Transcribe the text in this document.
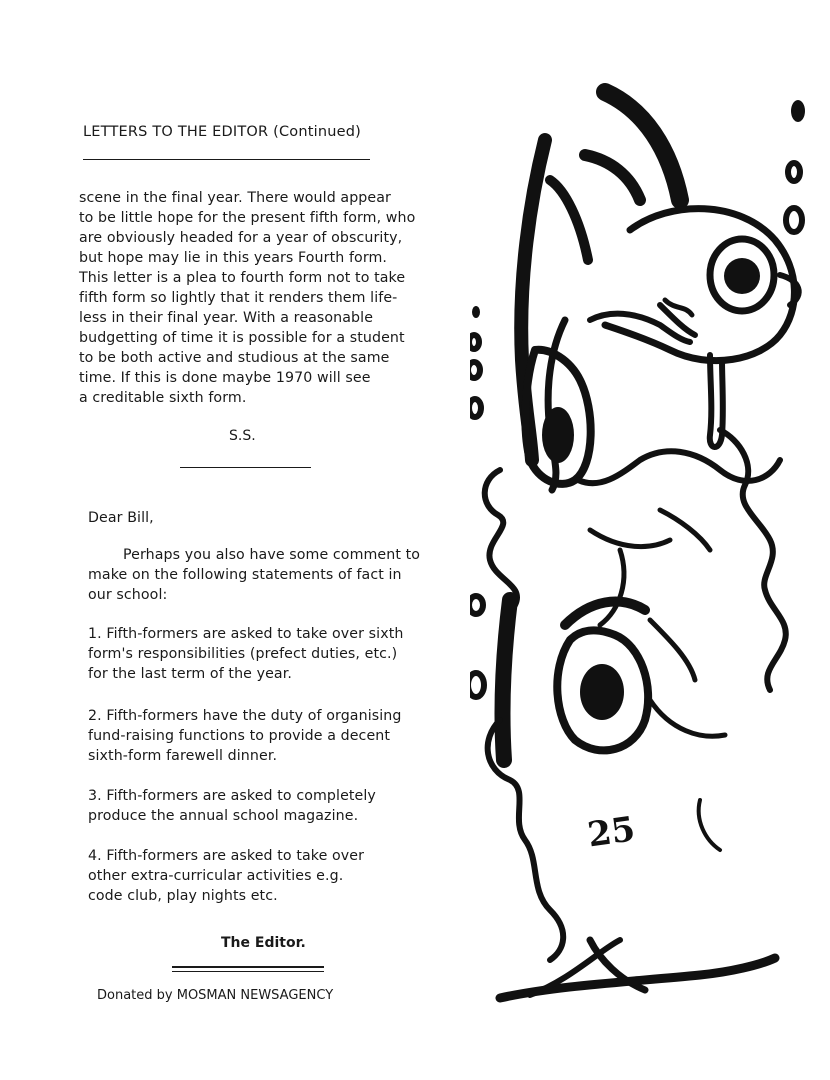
LETTERS TO THE EDITOR (Continued)
scene in the final year. There would appear
to be little hope for the present fifth form, who
are obviously headed for a year of obscurity,
but hope may lie in this years Fourth form.
This letter is a plea to fourth form not to take
fifth form so lightly that it renders them life-
less in their final year. With a reasonable
budgetting of time it is possible for a student
to be both active and studious at the same
time. If this is done maybe 1970 will see
a creditable sixth form.
S.S.
Dear Bill,
Perhaps you also have some comment to
make on the following statements of fact in
our school:
1. Fifth-formers are asked to take over sixth
form's responsibilities (prefect duties, etc.)
for the last term of the year.
2. Fifth-formers have the duty of organising
fund-raising functions to provide a decent
sixth-form farewell dinner.
3. Fifth-formers are asked to completely
produce the annual school magazine.
4. Fifth-formers are asked to take over
other extra-curricular activities e.g.
code club, play nights etc.
The Editor.
Donated by MOSMAN NEWSAGENCY
25
